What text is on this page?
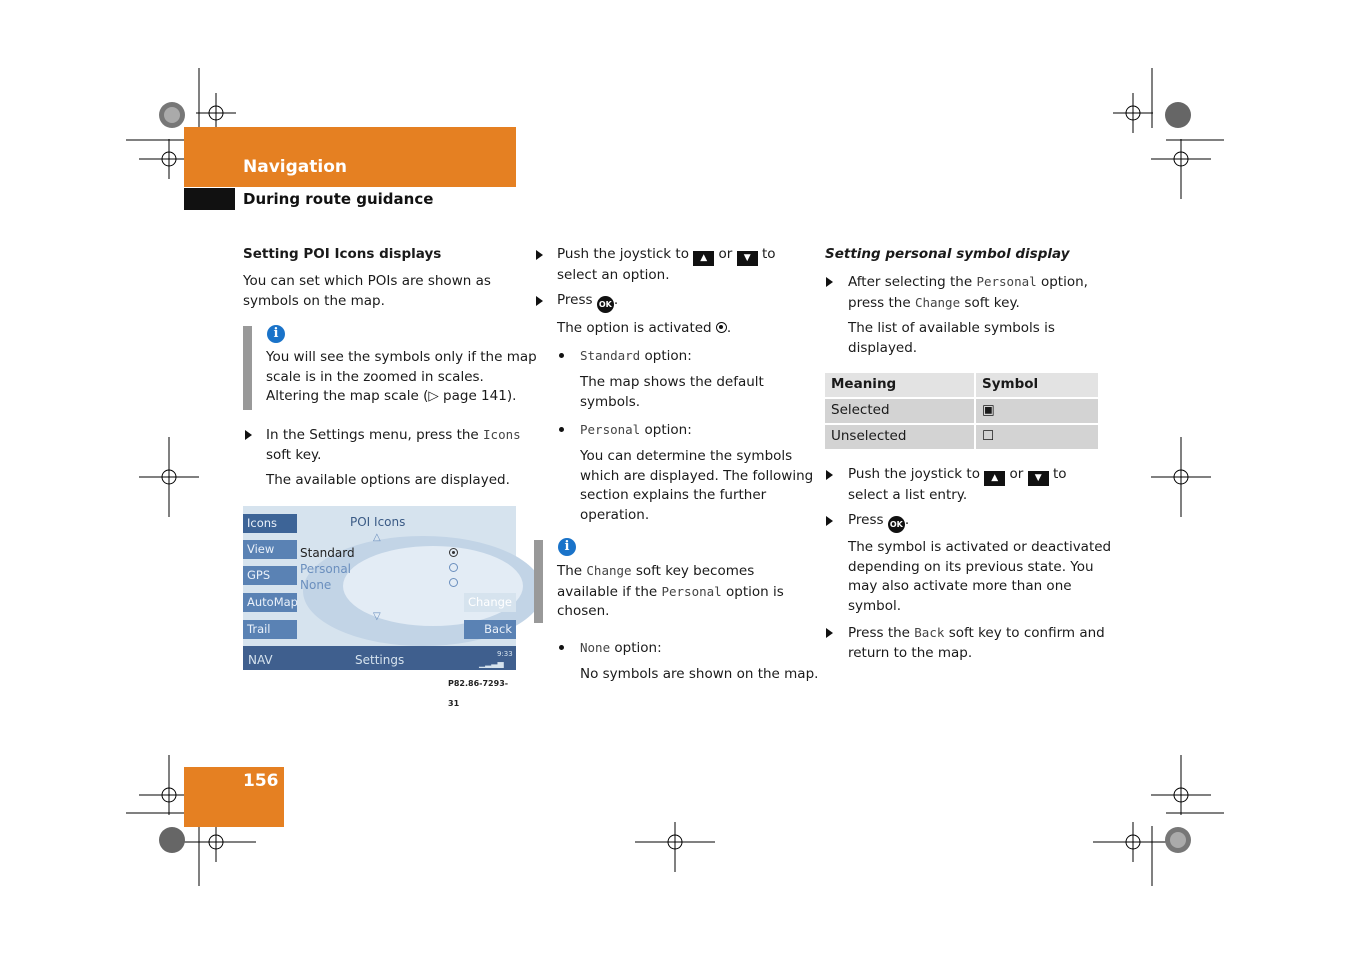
Navigation
During route guidance
Setting POI Icons displays
You can set which POIs are shown as
symbols on the map.
i
You will see the symbols only if the map
scale is in the zoomed in scales.
Altering the map scale (▷ page 141).
In the Settings menu, press the Icons
soft key.
The available options are displayed.
Icons
View
GPS
AutoMap
Trail
POI Icons
△
Standard
Personal
None
▽
Change
Back
NAV	Settings	9:33
▁▂▃▅
P82.86-7293-31
Push the joystick to ▲ or ▼ to
select an option.
Press OK .
The option is activated .
Standard option:
The map shows the default
symbols.
Personal option:
You can determine the symbols
which are displayed. The following
section explains the further
operation.
i
The Change soft key becomes
available if the Personal option is
chosen.
None option:
No symbols are shown on the map.
Setting personal symbol display
After selecting the Personal option,
press the Change soft key.
The list of available symbols is
displayed.
Meaning	Symbol
Selected	▣
Unselected	☐
Push the joystick to ▲ or ▼ to
select a list entry.
Press OK .
The symbol is activated or deactivated
depending on its previous state. You
may also activate more than one
symbol.
Press the Back soft key to confirm and
return to the map.
156
